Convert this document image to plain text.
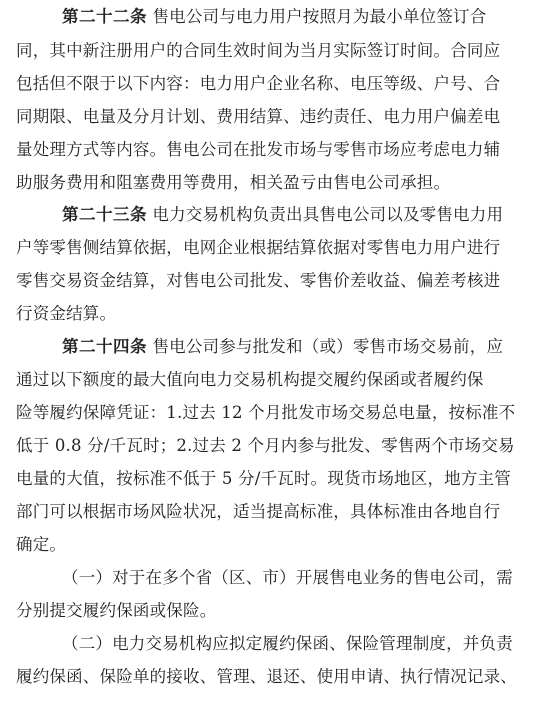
第二十二条 售电公司与电力用户按照月为最小单位签订合
同，其中新注册用户的合同生效时间为当月实际签订时间。合同应
包括但不限于以下内容：电力用户企业名称、电压等级、户号、合
同期限、电量及分月计划、费用结算、违约责任、电力用户偏差电
量处理方式等内容。售电公司在批发市场与零售市场应考虑电力辅
助服务费用和阻塞费用等费用，相关盈亏由售电公司承担。
第二十三条 电力交易机构负责出具售电公司以及零售电力用
户等零售侧结算依据，电网企业根据结算依据对零售电力用户进行
零售交易资金结算，对售电公司批发、零售价差收益、偏差考核进
行资金结算。
第二十四条 售电公司参与批发和（或）零售市场交易前，应
通过以下额度的最大值向电力交易机构提交履约保函或者履约保
险等履约保障凭证：1.过去 12 个月批发市场交易总电量，按标准不
低于 0.8 分/千瓦时；2.过去 2 个月内参与批发、零售两个市场交易
电量的大值，按标准不低于 5 分/千瓦时。现货市场地区，地方主管
部门可以根据市场风险状况，适当提高标准，具体标准由各地自行
确定。
（一）对于在多个省（区、市）开展售电业务的售电公司，需
分别提交履约保函或保险。
（二）电力交易机构应拟定履约保函、保险管理制度，并负责
履约保函、保险单的接收、管理、退还、使用申请、执行情况记录、
